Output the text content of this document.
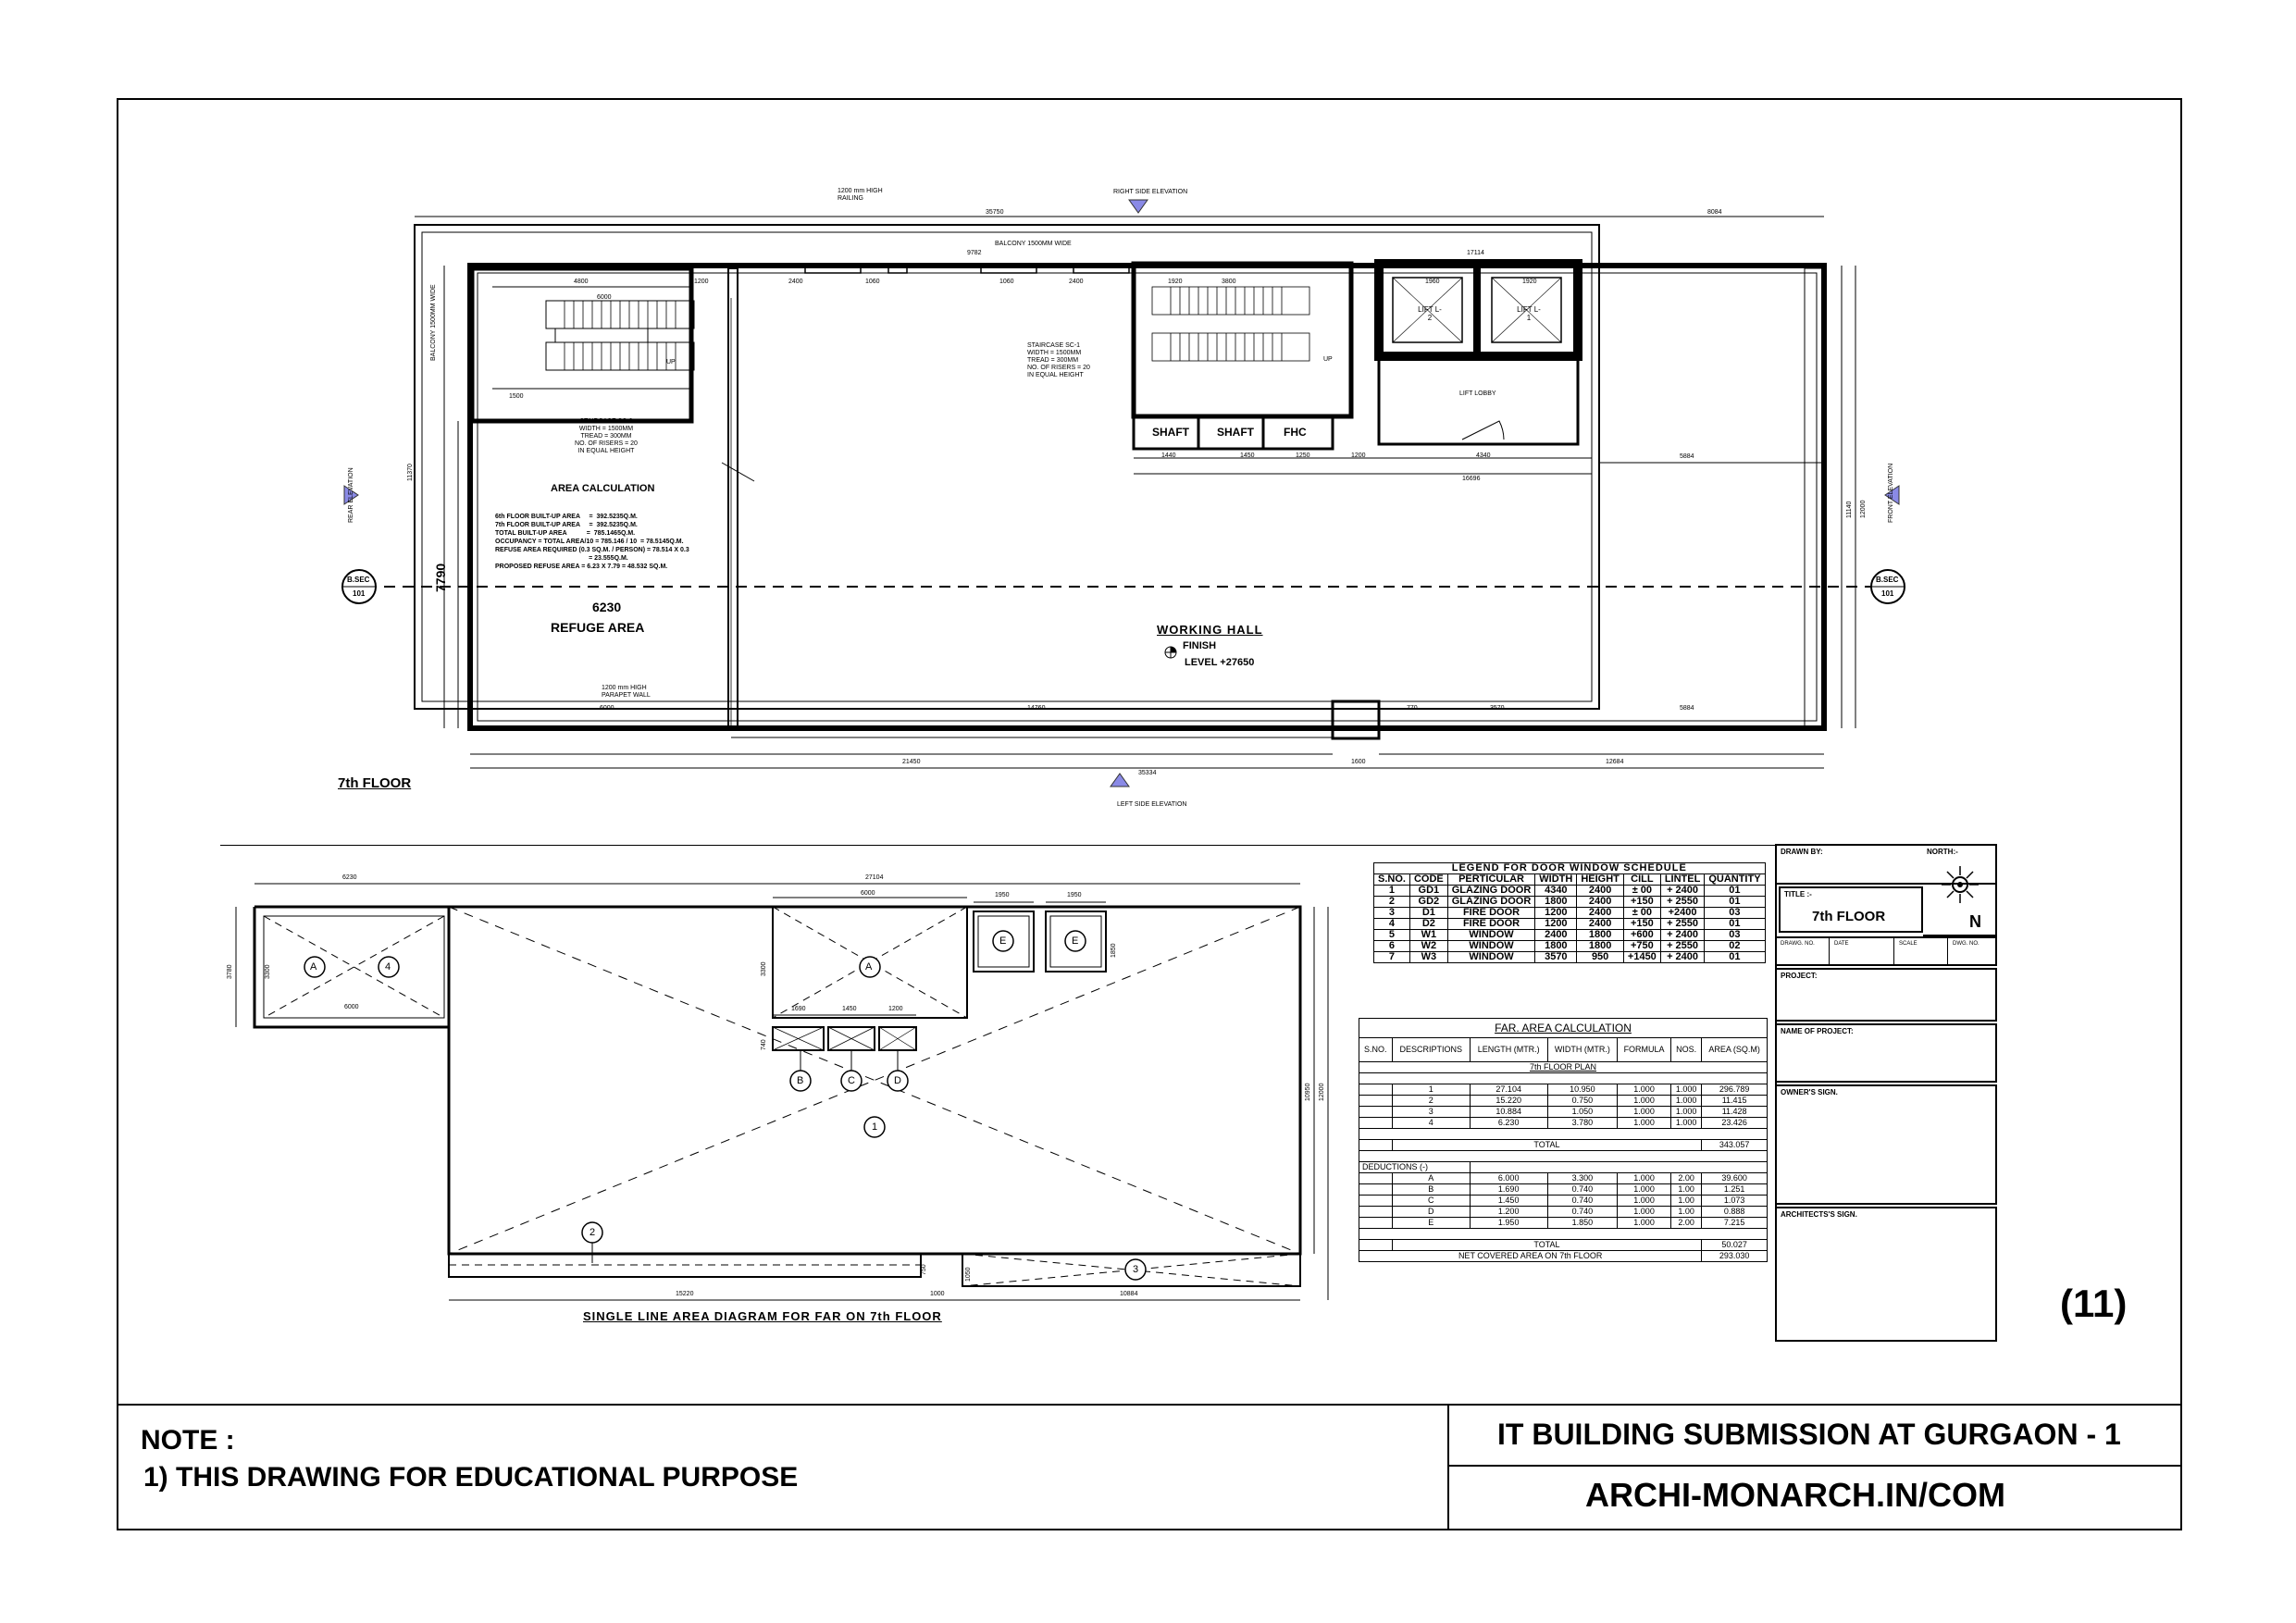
7th FLOOR
REFUGE AREA	WORKING HALL
FINISH
LEVEL +27650
BALCONY 1500MM WIDE
BALCONY 1500MM WIDE
1200 mm HIGH RAILING
1200 mm HIGH PARAPET WALL
RIGHT SIDE ELEVATION
LEFT SIDE ELEVATION
REAR ELEVATION	FRONT ELEVATION
B.SEC
101
B.SEC
101
SHAFT	SHAFT	FHC
LIFT L-2
LIFT L-1
LIFT LOBBY
UP	UP
STAIRCASE SC-2
WIDTH = 1500MM
TREAD = 300MM
NO. OF RISERS = 20
IN EQUAL HEIGHT
STAIRCASE SC-1
WIDTH = 1500MM
TREAD = 300MM
NO. OF RISERS = 20
IN EQUAL HEIGHT
AREA CALCULATION

6th FLOOR BUILT-UP AREA     =  392.5235Q.M.
7th FLOOR BUILT-UP AREA     =  392.5235Q.M.
TOTAL BUILT-UP AREA           =  785.1465Q.M.
OCCUPANCY = TOTAL AREA/10 = 785.146 / 10  = 78.5145Q.M.
REFUSE AREA REQUIRED (0.3 SQ.M. / PERSON) = 78.514 X 0.3
= 23.555Q.M.
PROPOSED REFUSE AREA = 6.23 X 7.79 = 48.532 SQ.M.

35750	8084
9782	17114
6000
4800
1500
1200	2400	1060	1060	2400	1920	3800	1960	1920
14760
6000	770	3570	5884
5884
21450
35334
1600	12684
1440	1450	1250	1200	4340
16696
7790
6230
11370
11140 12000
LEGEND FOR DOOR WINDOW SCHEDULE							
S.NO.	CODE	PERTICULAR	WIDTH	HEIGHT	CILL	LINTEL	QUANTITY
1	GD1	GLAZING DOOR	4340	2400	± 00	+ 2400	01
2	GD2	GLAZING DOOR	1800	2400	+150	+ 2550	01
3	D1	FIRE DOOR	1200	2400	± 00	+2400	03
4	D2	FIRE DOOR	1200	2400	+150	+ 2550	01
5	W1	WINDOW	2400	1800	+600	+ 2400	03
6	W2	WINDOW	1800	1800	+750	+ 2550	02
7	W3	WINDOW	3570	950	+1450	+ 2400	01
FAR. AREA CALCULATION						
S.NO.	DESCRIPTIONS	LENGTH (MTR.)	WIDTH (MTR.)	FORMULA	NOS.	AREA (SQ.M)
7th FLOOR PLAN						

	1	27.104	10.950	1.000	1.000	296.789
	2	15.220	0.750	1.000	1.000	11.415
	3	10.884	1.050	1.000	1.000	11.428
	4	6.230	3.780	1.000	1.000	23.426

	TOTAL					343.057

DEDUCTIONS (-)						
	A	6.000	3.300	1.000	2.00	39.600
	B	1.690	0.740	1.000	1.00	1.251
	C	1.450	0.740	1.000	1.00	1.073
	D	1.200	0.740	1.000	1.00	0.888
	E	1.950	1.850	1.000	2.00	7.215

	TOTAL					50.027
NET COVERED AREA ON 7th FLOOR						293.030
A	4	A
E	E
B	C	D
1
2
3
6230	27104
6000	1950	1950
6000	1690	1450	1200
3300
740
1850
3780	3300
15220	1000	10884
10950 12000
750	1050
SINGLE LINE AREA DIAGRAM FOR FAR ON 7th FLOOR
DRAWN BY:	NORTH:-
N
TITLE :-
7th FLOOR
DRAWG. NO.	DATE	SCALE	DWG. NO.
PROJECT:
NAME OF PROJECT:
OWNER'S SIGN.
ARCHITECTS'S SIGN.
(11)
NOTE :
1) THIS DRAWING FOR EDUCATIONAL PURPOSE
IT BUILDING SUBMISSION AT GURGAON - 1
ARCHI-MONARCH.IN/COM
